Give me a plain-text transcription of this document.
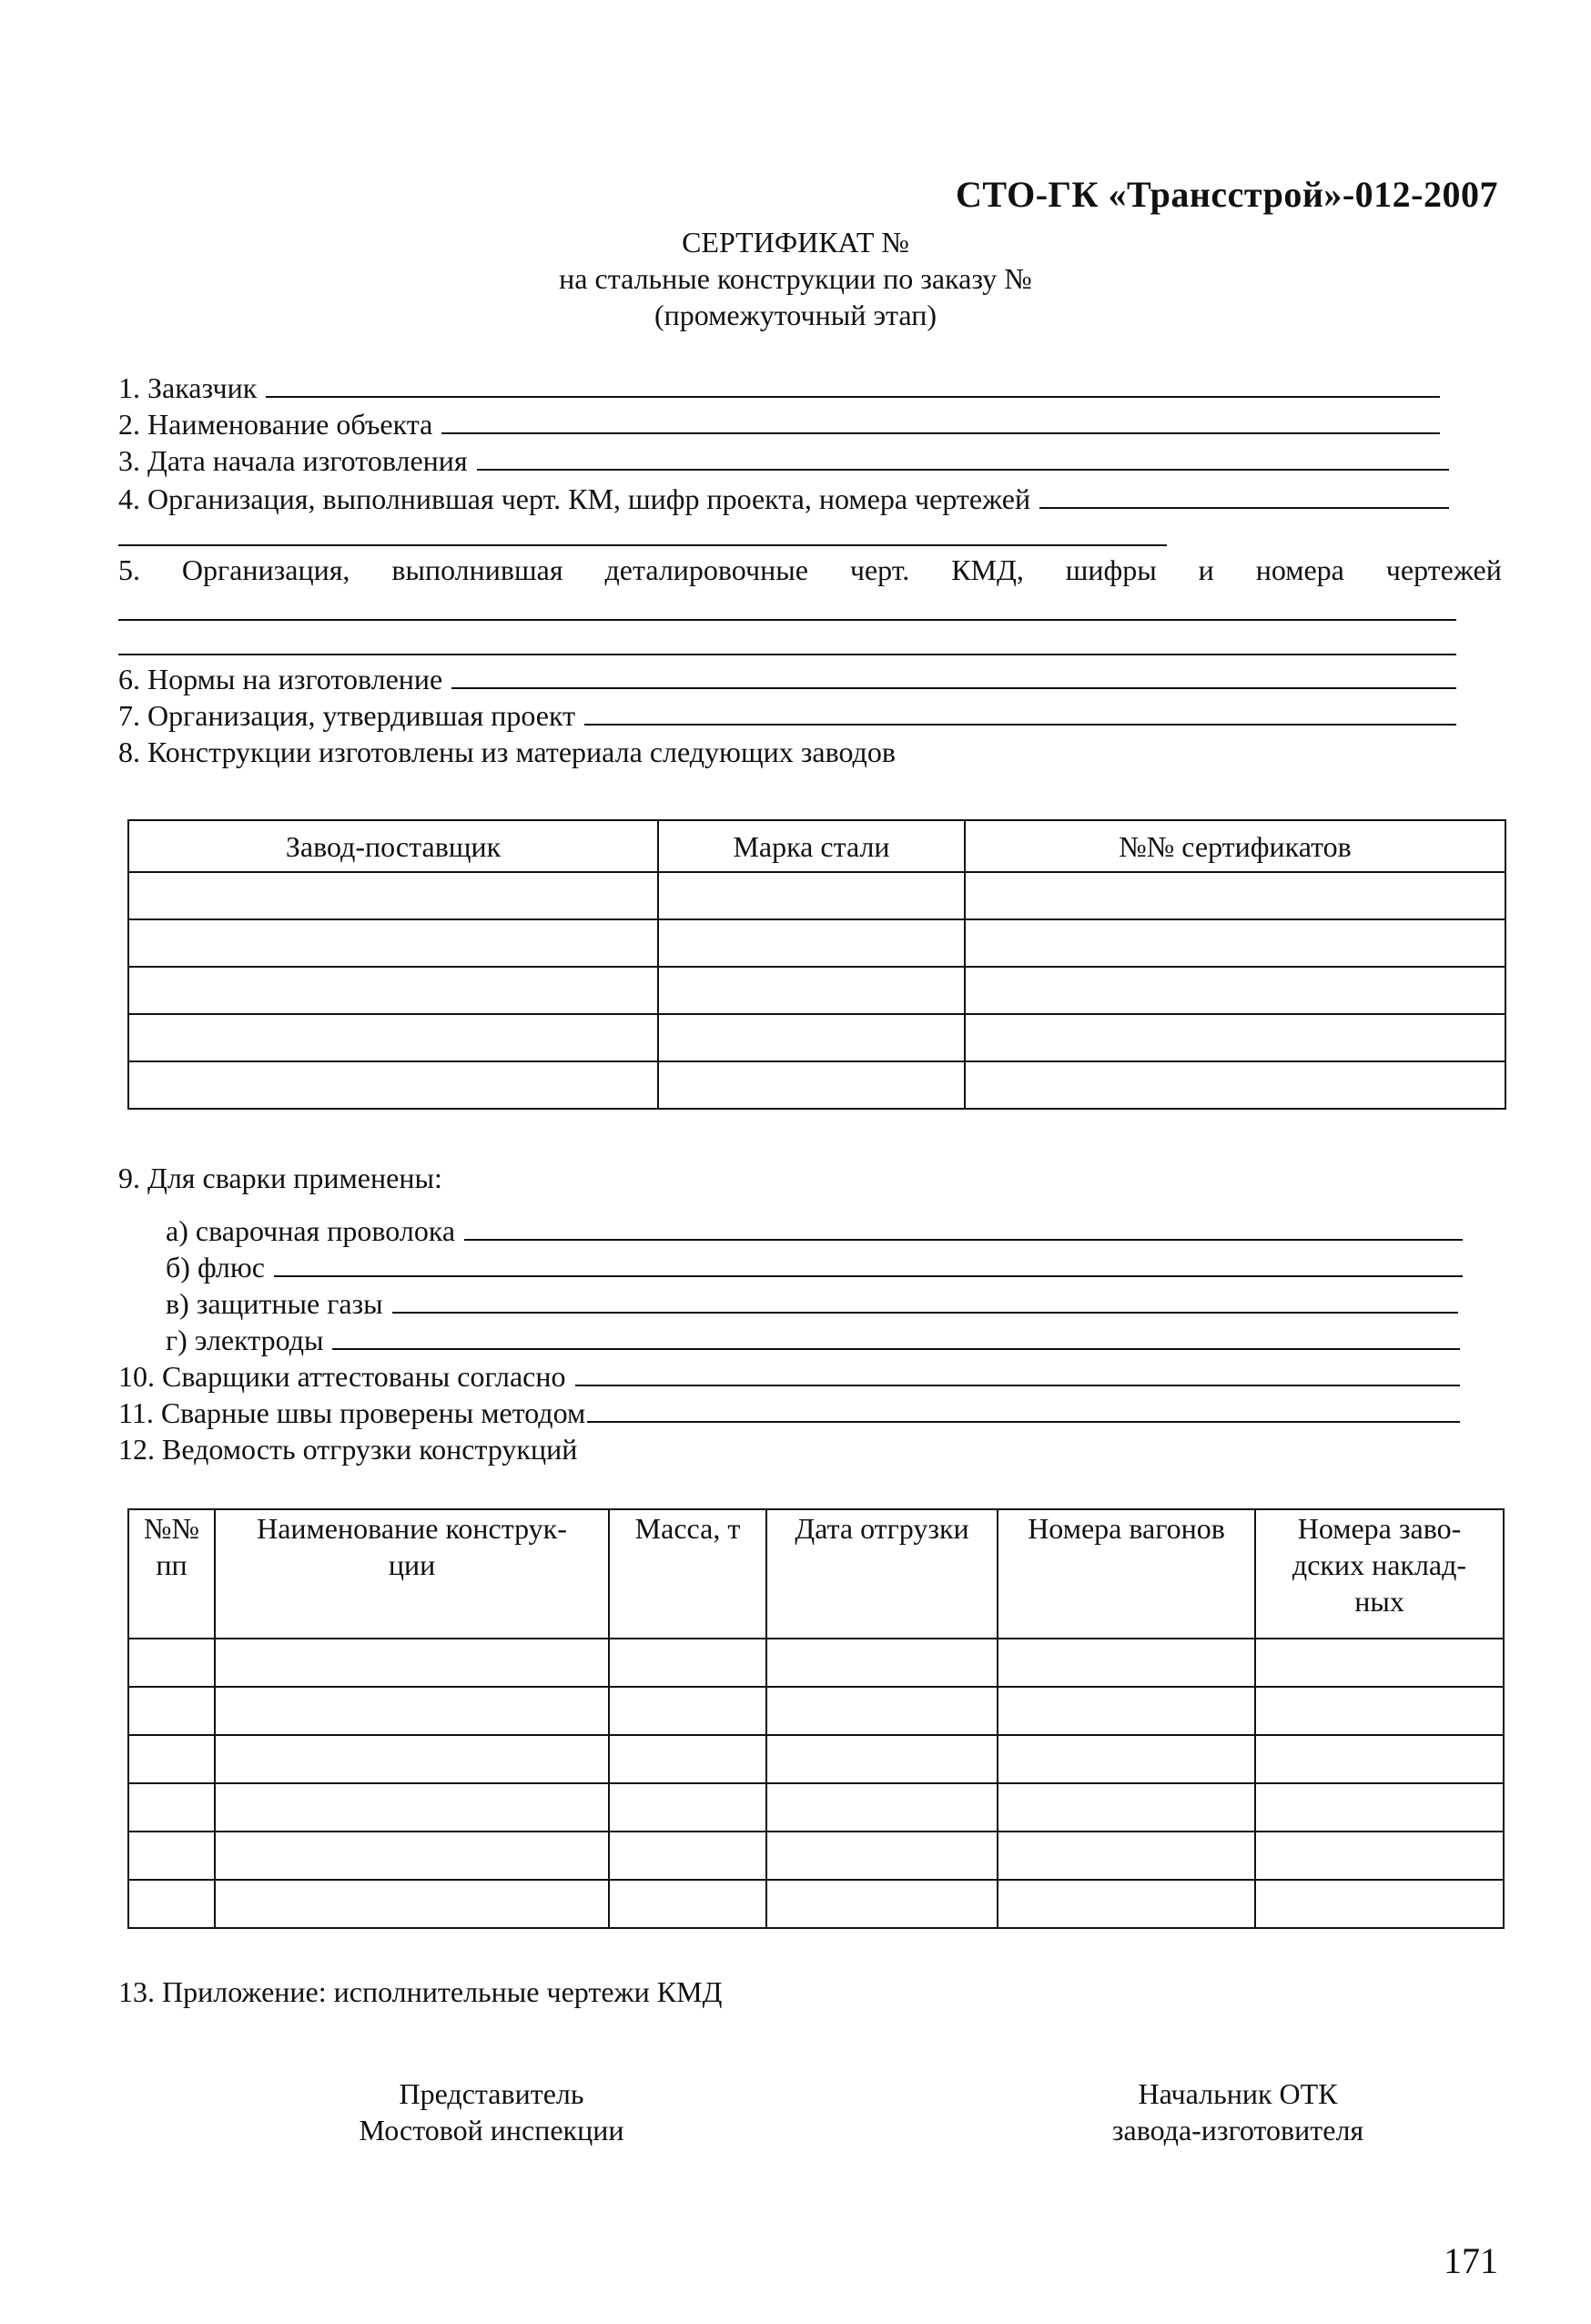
СТО-ГК «Трансстрой»-012-2007
СЕРТИФИКАТ №
на стальные конструкции по заказу №
(промежуточный этап)
1. Заказчик
2. Наименование объекта
3. Дата начала изготовления
4. Организация, выполнившая черт. КМ, шифр проекта, номера чертежей
5. Организация, выполнившая деталировочные черт. КМД, шифры и номера чертежей
6. Нормы на изготовление
7. Организация, утвердившая проект
8. Конструкции изготовлены из материала следующих заводов
Завод-поставщик	Марка стали	№№ сертификатов

9. Для сварки применены:
а) сварочная проволока
б) флюс
в) защитные газы
г) электроды
10. Сварщики аттестованы согласно
11. Сварные швы проверены методом
12. Ведомость отгрузки конструкций
№№ пп	Наименование конструк-ции	Масса, т	Дата отгрузки	Номера вагонов	Номера заво-дских наклад-ных

13. Приложение: исполнительные чертежи КМД
Представитель
Мостовой инспекции
Начальник ОТК
завода-изготовителя
171
